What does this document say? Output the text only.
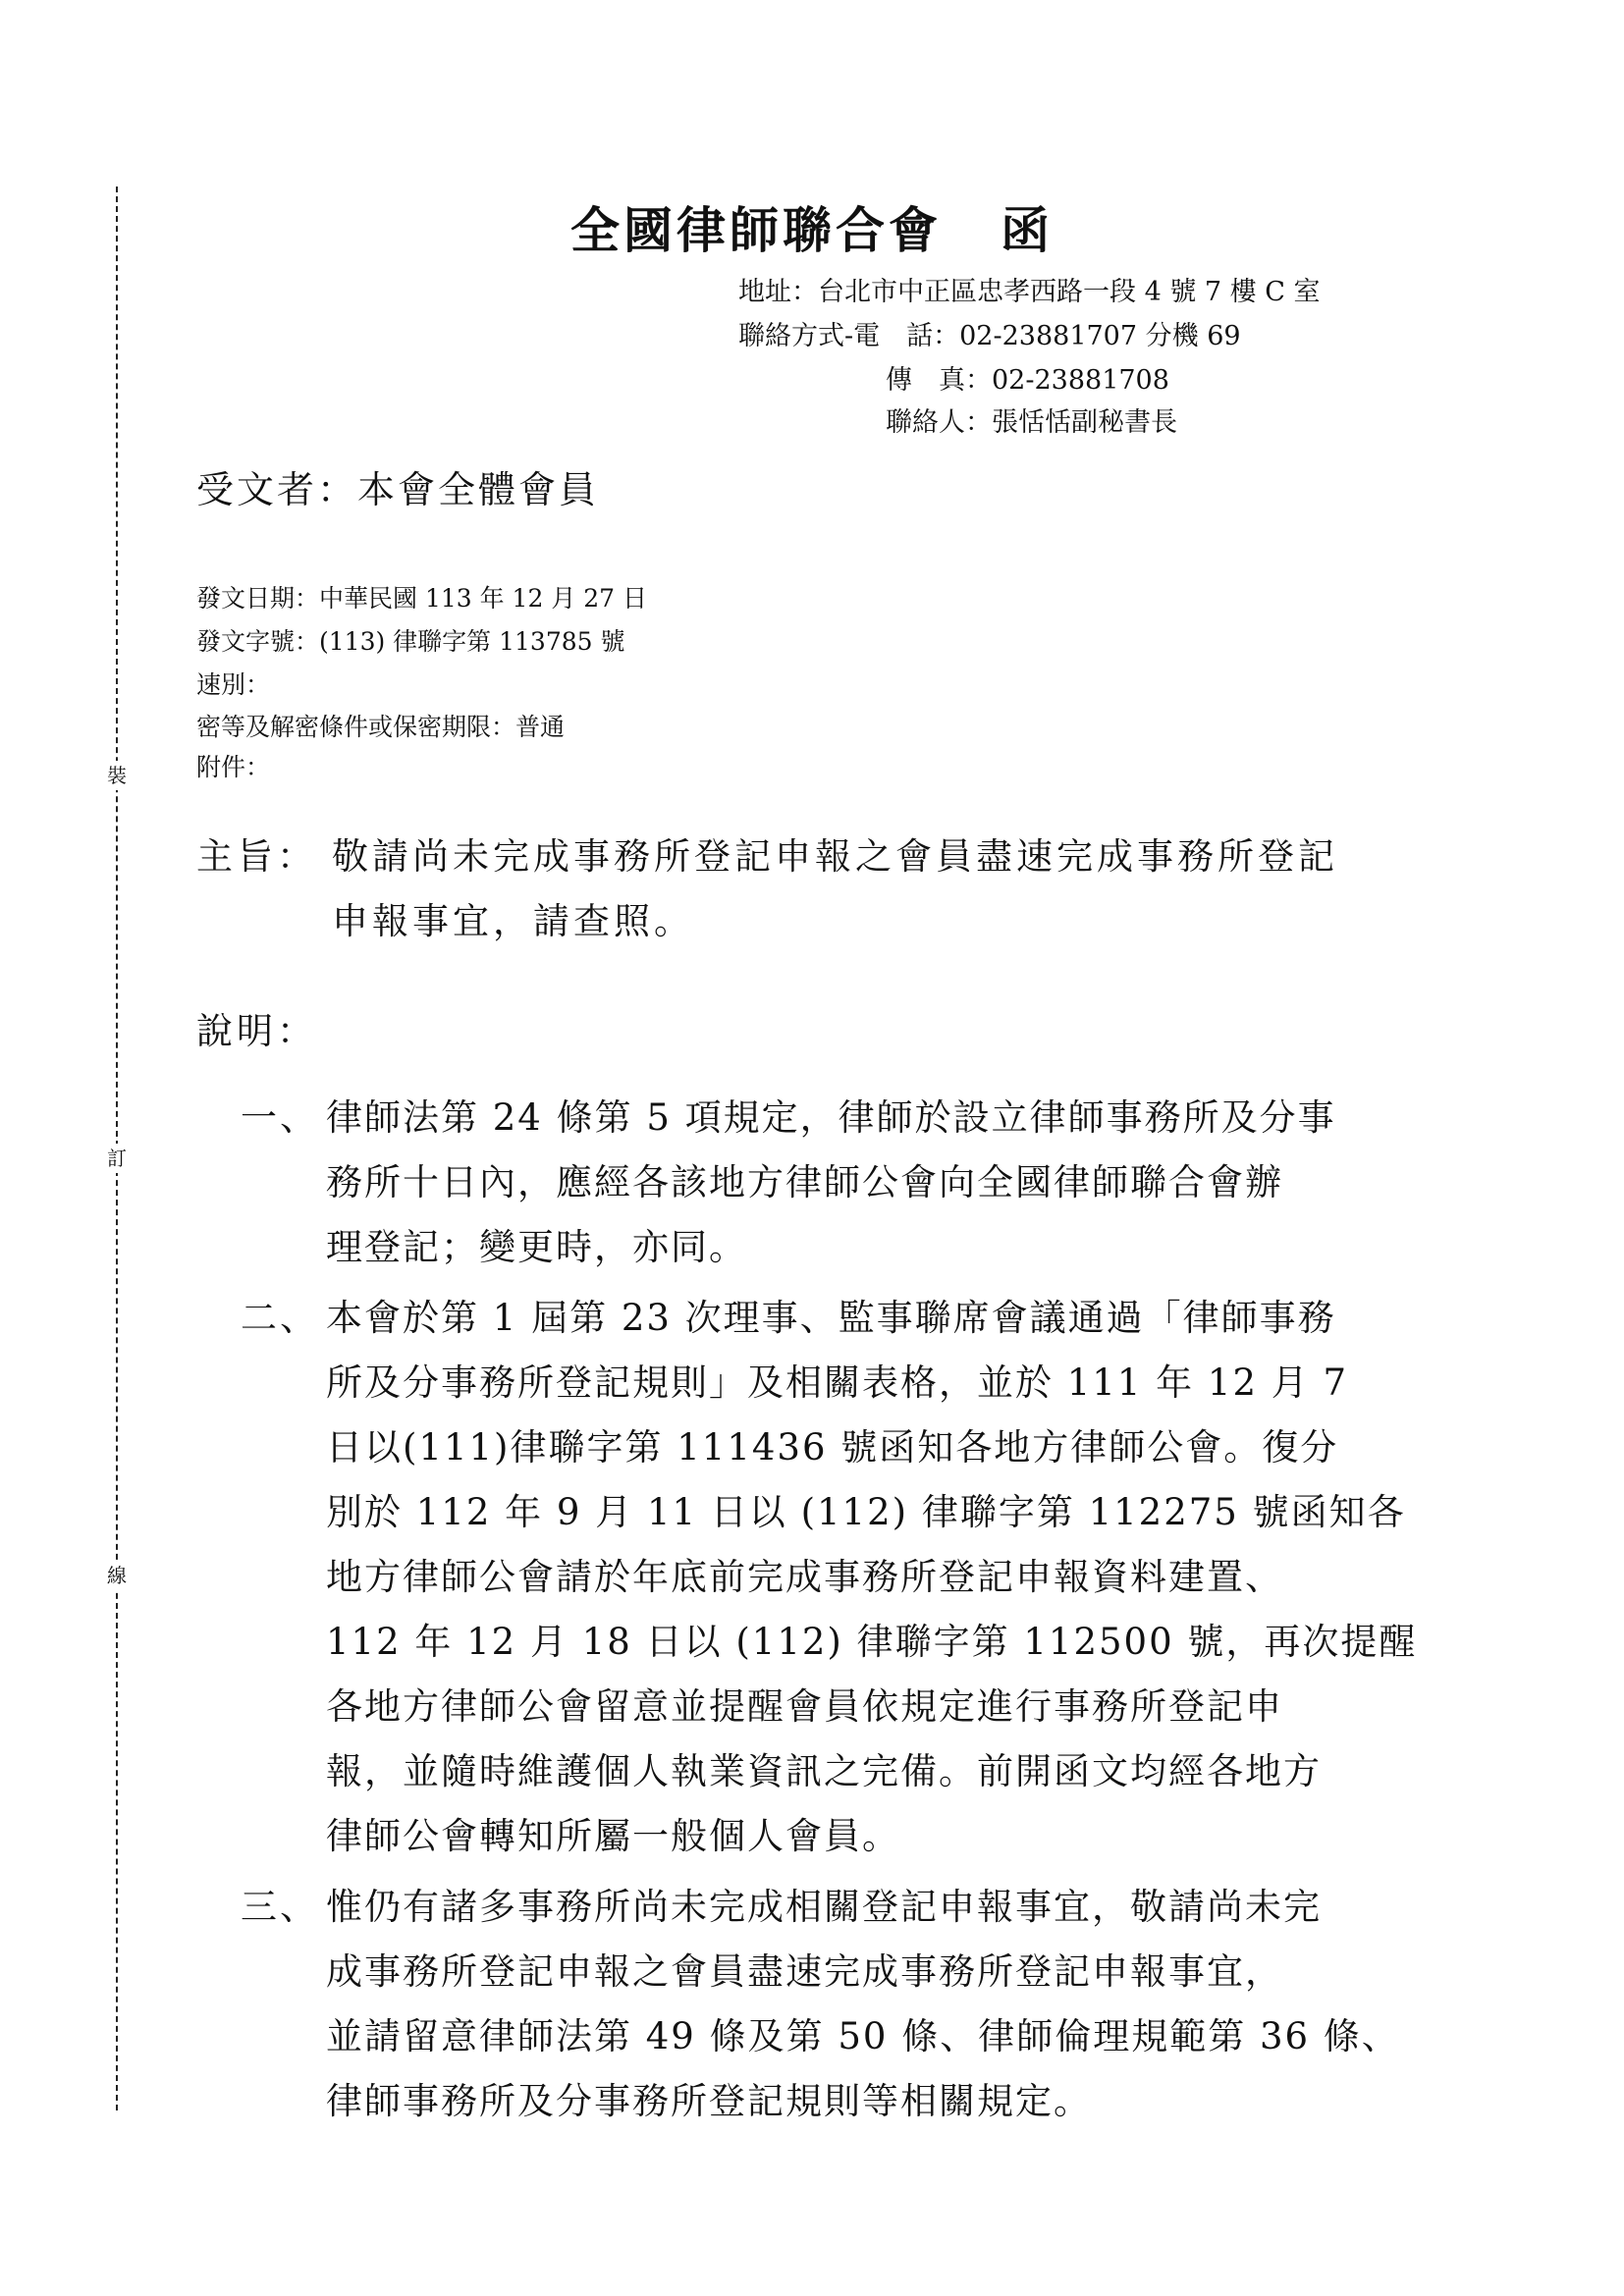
裝
訂
線
全國律師聯合會 函
地址：台北市中正區忠孝西路一段 4 號 7 樓 C 室
聯絡方式-電　話：02-23881707 分機 69
傳　真：02-23881708
聯絡人：張恬恬副秘書長
受文者：本會全體會員
發文日期：中華民國 113 年 12 月 27 日
發文字號：(113) 律聯字第 113785 號
速別：
密等及解密條件或保密期限：普通
附件：
主旨： 敬請尚未完成事務所登記申報之會員盡速完成事務所登記
申報事宜，請查照。
說明：
一、 律師法第 24 條第 5 項規定，律師於設立律師事務所及分事
務所十日內，應經各該地方律師公會向全國律師聯合會辦
理登記；變更時，亦同。
二、 本會於第 1 屆第 23 次理事、監事聯席會議通過「律師事務
所及分事務所登記規則」及相關表格，並於 111 年 12 月 7
日以(111)律聯字第 111436 號函知各地方律師公會。復分
別於 112 年 9 月 11 日以 (112) 律聯字第 112275 號函知各
地方律師公會請於年底前完成事務所登記申報資料建置、
112 年 12 月 18 日以 (112) 律聯字第 112500 號，再次提醒
各地方律師公會留意並提醒會員依規定進行事務所登記申
報，並隨時維護個人執業資訊之完備。前開函文均經各地方
律師公會轉知所屬一般個人會員。
三、 惟仍有諸多事務所尚未完成相關登記申報事宜，敬請尚未完
成事務所登記申報之會員盡速完成事務所登記申報事宜，
並請留意律師法第 49 條及第 50 條、律師倫理規範第 36 條、
律師事務所及分事務所登記規則等相關規定。
